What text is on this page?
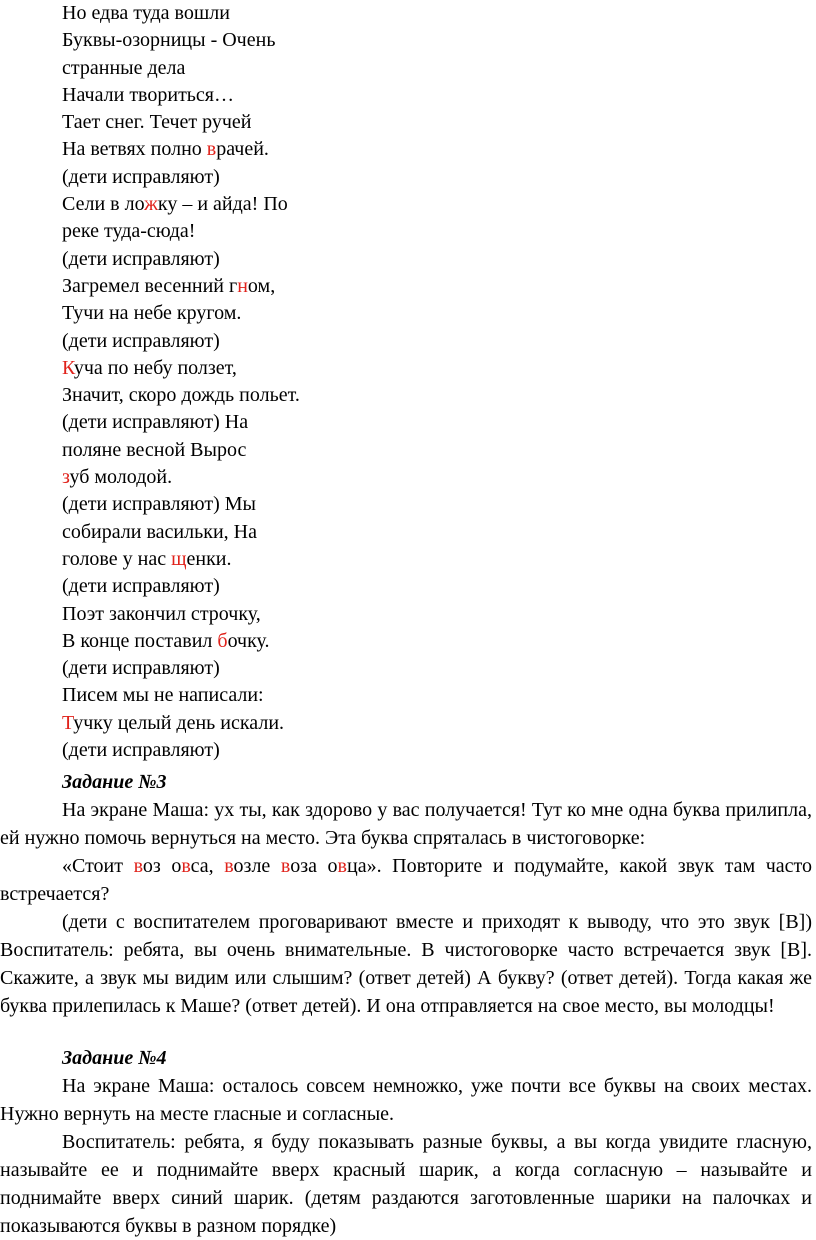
Но едва туда вошли
Буквы-озорницы - Очень
странные дела
Начали твориться…
Тает снег. Течет ручей
На ветвях полно врачей.
(дети исправляют)
Сели в ложку – и айда! По
реке туда-сюда!
(дети исправляют)
Загремел весенний гном,
Тучи на небе кругом.
(дети исправляют)
Куча по небу ползет,
Значит, скоро дождь польет.
(дети исправляют) На
поляне весной Вырос
зуб молодой.
(дети исправляют) Мы
собирали васильки, На
голове у нас щенки.
(дети исправляют)
Поэт закончил строчку,
В конце поставил бочку.
(дети исправляют)
Писем мы не написали:
Тучку целый день искали.
(дети исправляют)
Задание №3
На экране Маша: ух ты, как здорово у вас получается! Тут ко мне одна буква прилипла, ей нужно помочь вернуться на место. Эта буква спряталась в чистоговорке:
«Стоит воз овса, возле воза овца». Повторите и подумайте, какой звук там часто встречается?
(дети с воспитателем проговаривают вместе и приходят к выводу, что это звук [В]) Воспитатель: ребята, вы очень внимательные. В чистоговорке часто встречается звук [В]. Скажите, а звук мы видим или слышим? (ответ детей) А букву? (ответ детей). Тогда какая же буква прилепилась к Маше? (ответ детей). И она отправляется на свое место, вы молодцы!
Задание №4
На экране Маша: осталось совсем немножко, уже почти все буквы на своих местах. Нужно вернуть на месте гласные и согласные.
Воспитатель: ребята, я буду показывать разные буквы, а вы когда увидите гласную, называйте ее и поднимайте вверх красный шарик, а когда согласную – называйте и поднимайте вверх синий шарик. (детям раздаются заготовленные шарики на палочках и показываются буквы в разном порядке)
